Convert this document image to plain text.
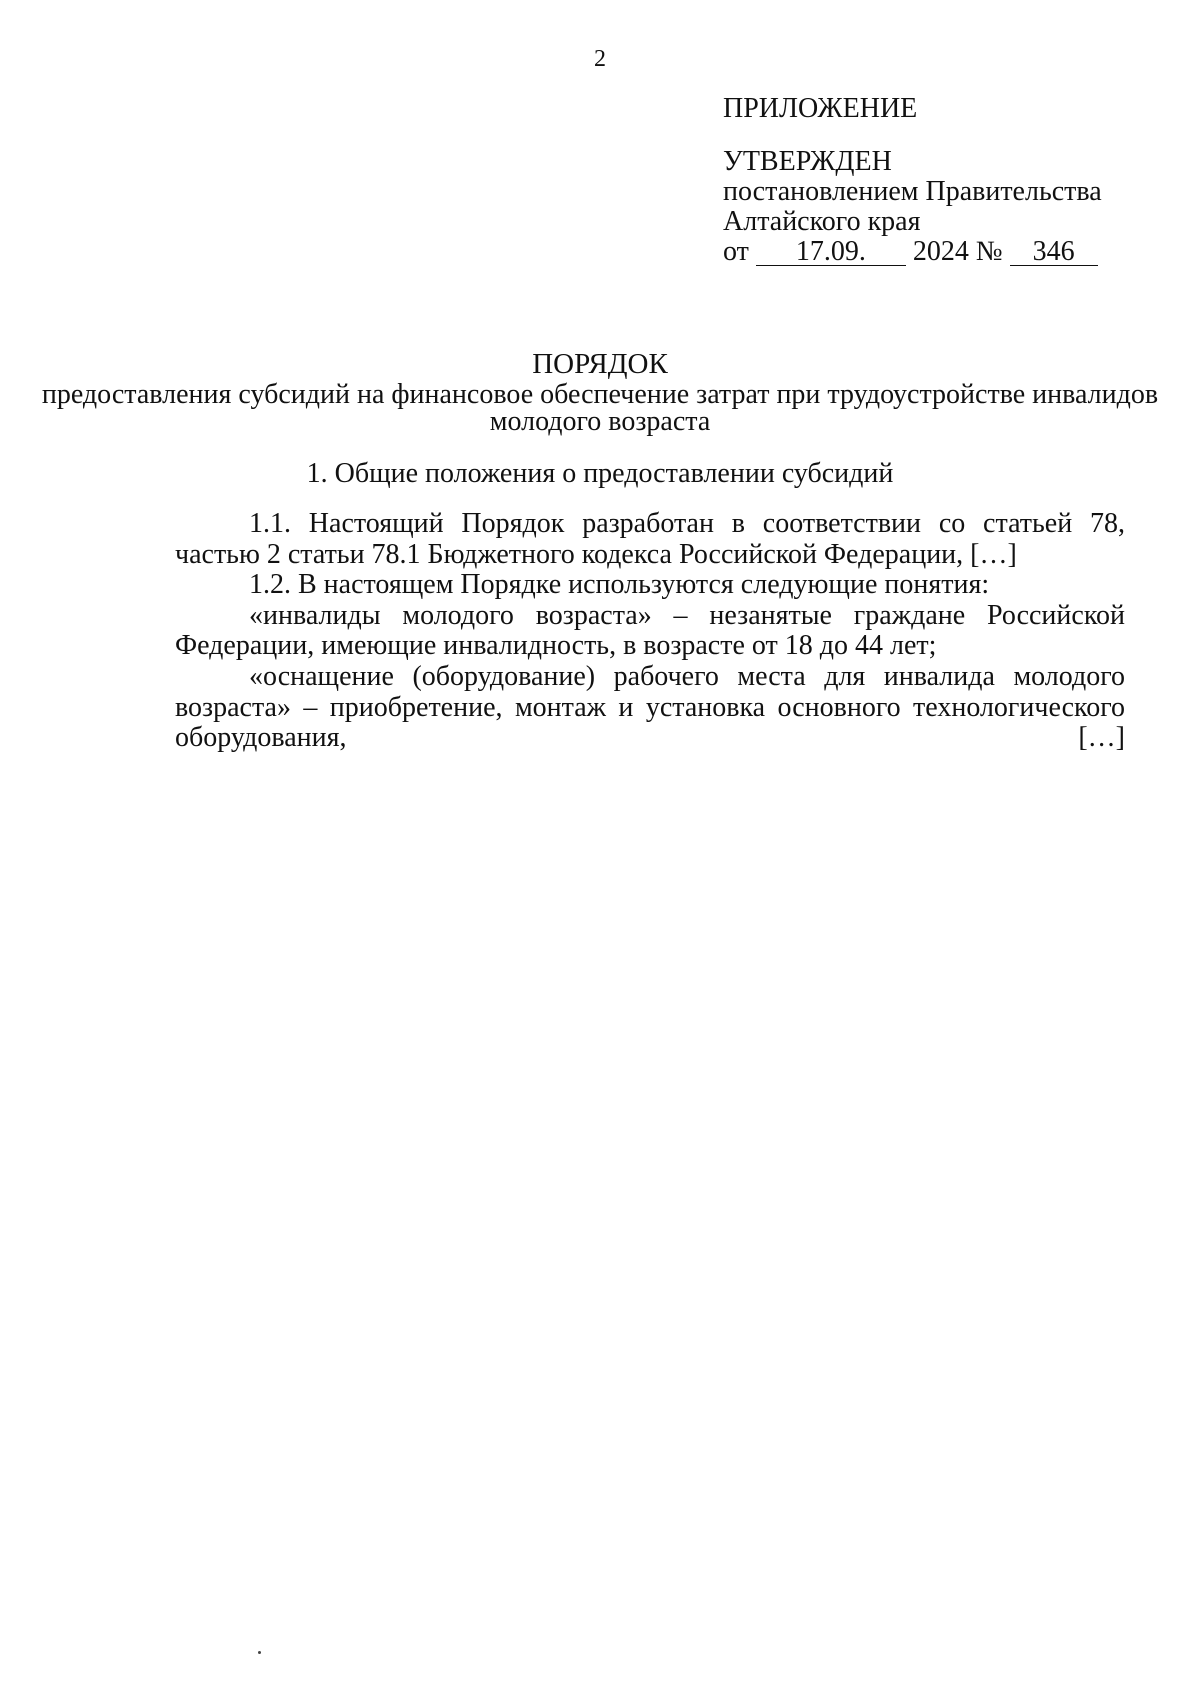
2

ПРИЛОЖЕНИЕ

УТВЕРЖДЕН

постановлением Правительства

Алтайского края

от 17.09. 2024 № 346

ПОРЯДОК

предоставления субсидий на финансовое обеспечение затрат при трудоустройстве инвалидов молодого возраста

1. Общие положения о предоставлении субсидий

1.1. Настоящий Порядок разработан в соответствии со статьей 78, частью 2 статьи 78.1 Бюджетного кодекса Российской Федерации, […]

1.2. В настоящем Порядке используются следующие понятия:

«инвалиды молодого возраста» – незанятые граждане Российской Федерации, имеющие инвалидность, в возрасте от 18 до 44 лет;

«оснащение (оборудование) рабочего места для инвалида молодого возраста» – приобретение, монтаж и установка основного технологического оборудования, […]
